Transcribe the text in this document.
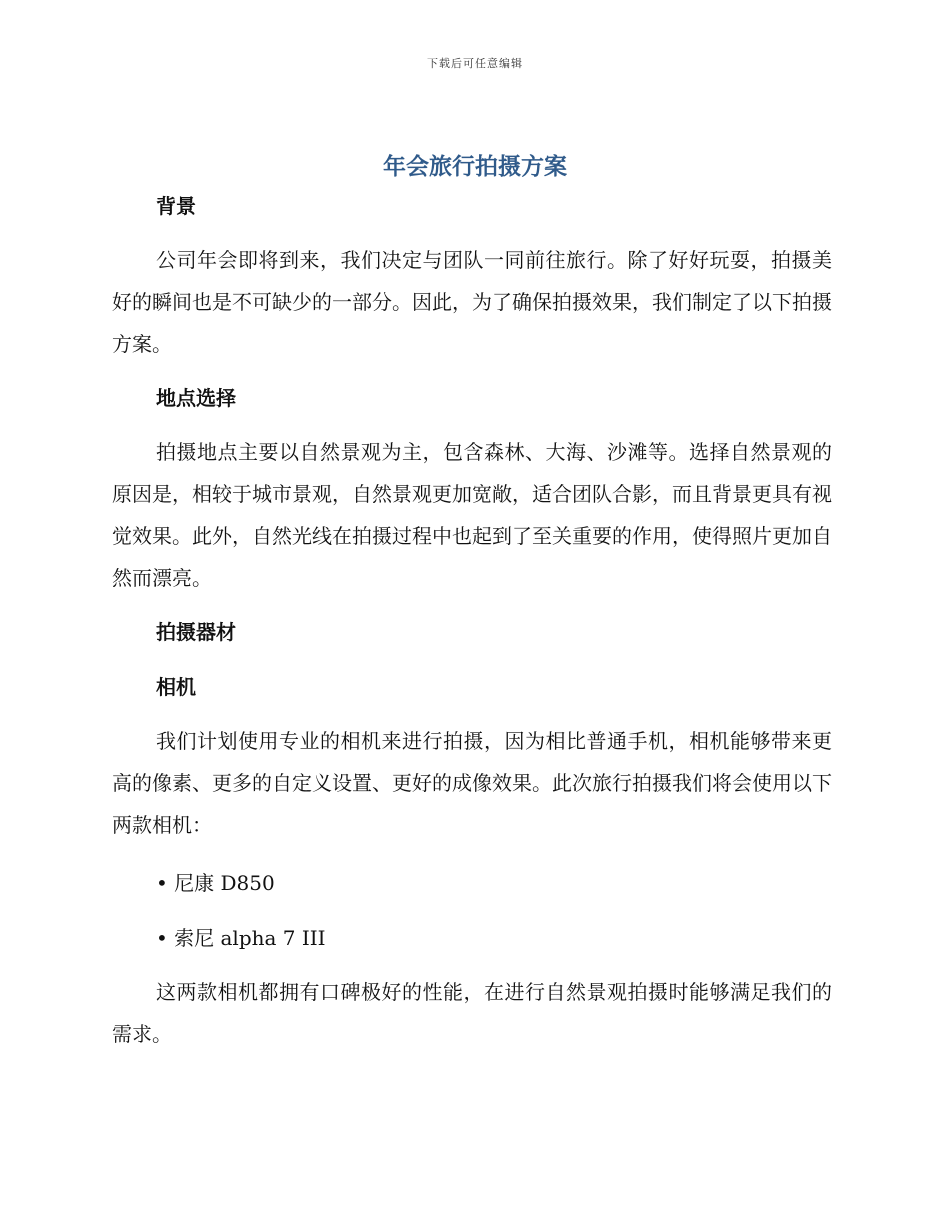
下载后可任意编辑
年会旅行拍摄方案

背景

公司年会即将到来，我们决定与团队一同前往旅行。除了好好玩耍，拍摄美好的瞬间也是不可缺少的一部分。因此，为了确保拍摄效果，我们制定了以下拍摄方案。

地点选择

拍摄地点主要以自然景观为主，包含森林、大海、沙滩等。选择自然景观的原因是，相较于城市景观，自然景观更加宽敞，适合团队合影，而且背景更具有视觉效果。此外，自然光线在拍摄过程中也起到了至关重要的作用，使得照片更加自然而漂亮。

拍摄器材

相机

我们计划使用专业的相机来进行拍摄，因为相比普通手机，相机能够带来更高的像素、更多的自定义设置、更好的成像效果。此次旅行拍摄我们将会使用以下两款相机：

• 尼康 D850

• 索尼 alpha 7 III

这两款相机都拥有口碑极好的性能，在进行自然景观拍摄时能够满足我们的需求。
